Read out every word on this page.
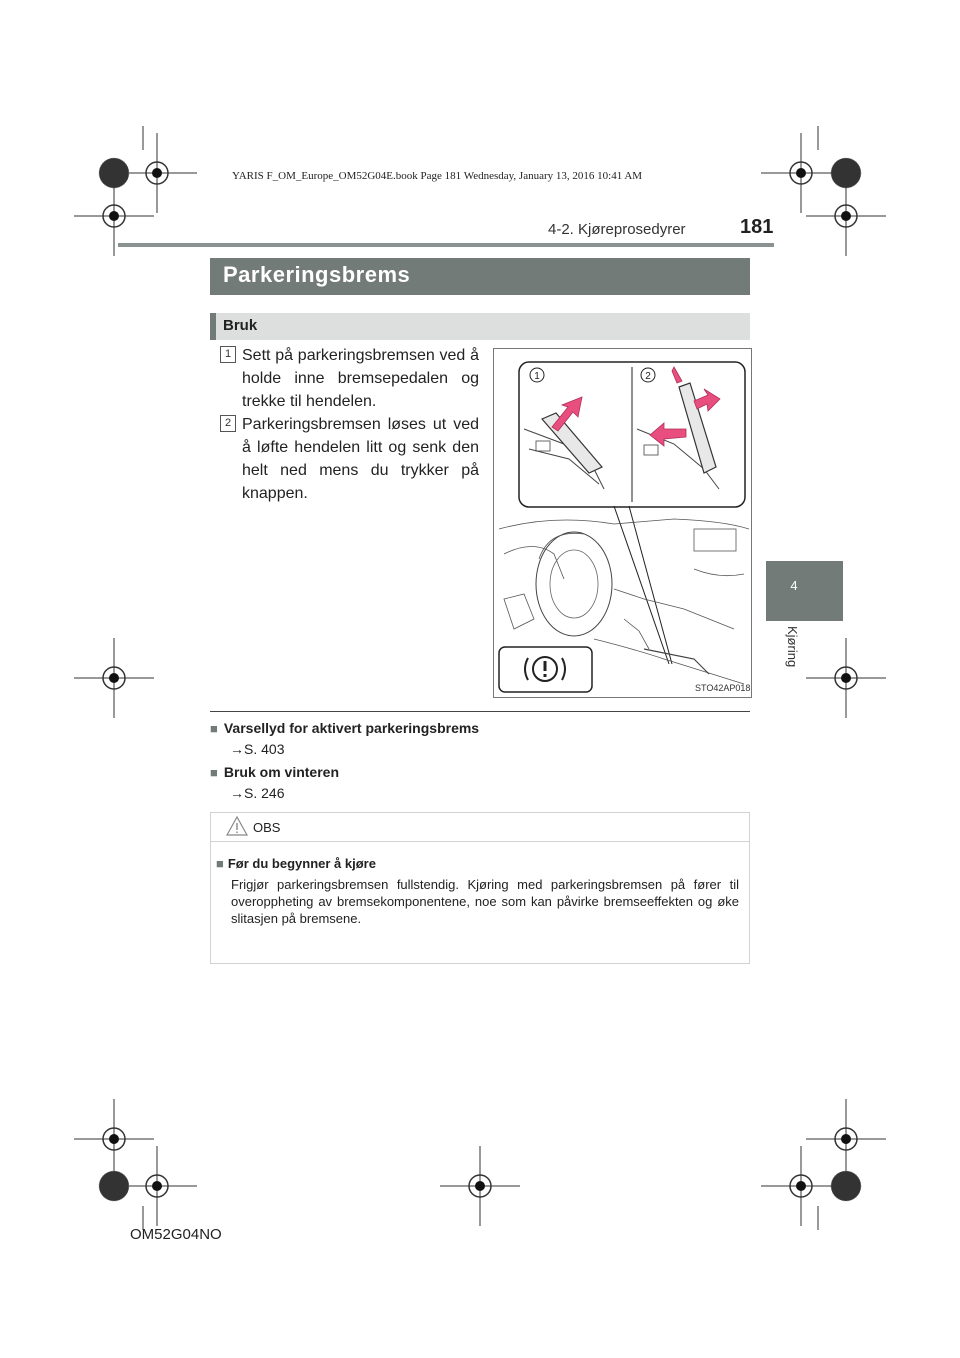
YARIS F_OM_Europe_OM52G04E.book Page 181 Wednesday, January 13, 2016 10:41 AM
4-2. Kjøreprosedyrer	181
4
Kjøring
Parkeringsbrems
Bruk
1 Sett på parkeringsbremsen ved å holde inne bremsepedalen og trekke til hendelen.
2 Parkeringsbremsen løses ut ved å løfte hendelen litt og senk den helt ned mens du trykker på knappen.
1	2
STO42AP018
■ Varsellyd for aktivert parkeringsbrems
→S. 403
■ Bruk om vinteren
→S. 246
OBS
■ Før du begynner å kjøre
Frigjør parkeringsbremsen fullstendig. Kjøring med parkeringsbremsen på fører til overoppheting av bremsekomponentene, noe som kan påvirke bremseeffekten og øke slitasjen på bremsene.
OM52G04NO
